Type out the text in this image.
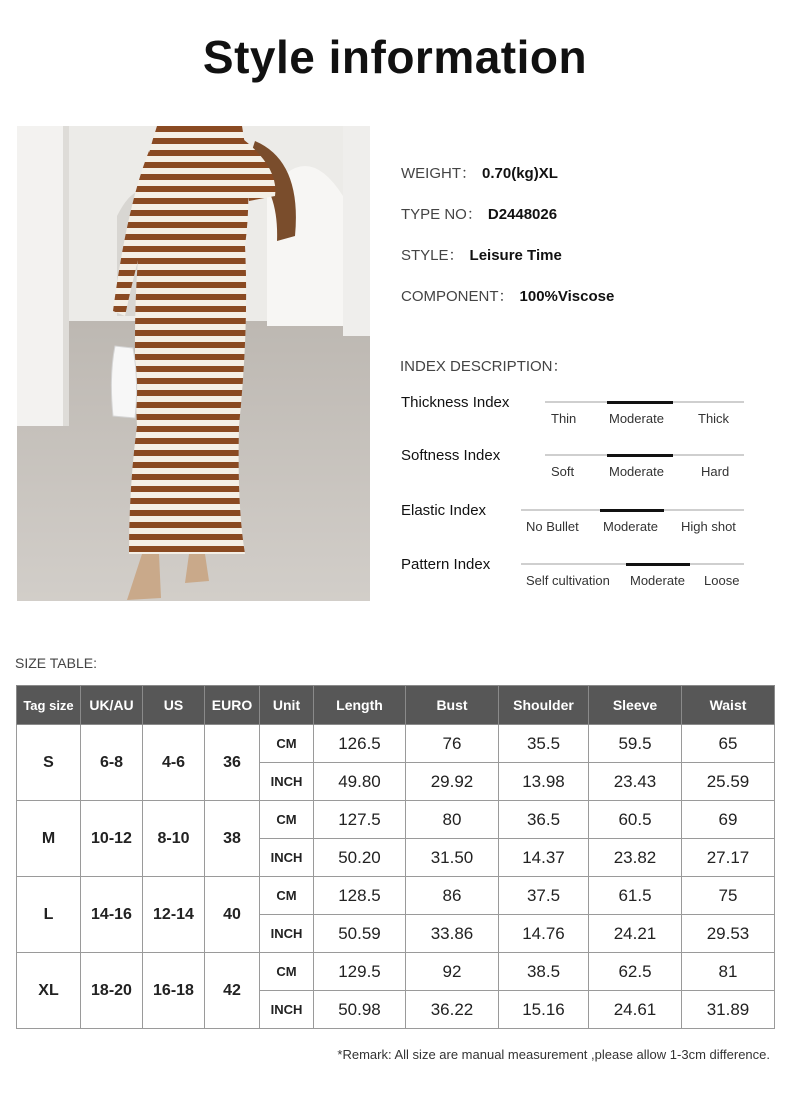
Style information
WEIGHT： 0.70(kg)XL
TYPE NO： D2448026
STYLE： Leisure Time
COMPONENT： 100%Viscose
INDEX DESCRIPTION：
Thickness Index
Thin	Moderate	Thick
Softness Index
Soft	Moderate	Hard
Elastic Index
No Bullet Moderate High shot
Pattern Index
Self cultivation Moderate Loose
SIZE TABLE:
Tag size	UK/AU	US	EURO	Unit	Length	Bust	Shoulder	Sleeve	Waist
S	6-8	4-6	36	CM	126.5	76	35.5	59.5	65
				INCH	49.80	29.92	13.98	23.43	25.59
M	10-12	8-10	38	CM	127.5	80	36.5	60.5	69
				INCH	50.20	31.50	14.37	23.82	27.17
L	14-16	12-14	40	CM	128.5	86	37.5	61.5	75
				INCH	50.59	33.86	14.76	24.21	29.53
XL	18-20	16-18	42	CM	129.5	92	38.5	62.5	81
				INCH	50.98	36.22	15.16	24.61	31.89
*Remark: All size are manual measurement ,please allow 1-3cm difference.
